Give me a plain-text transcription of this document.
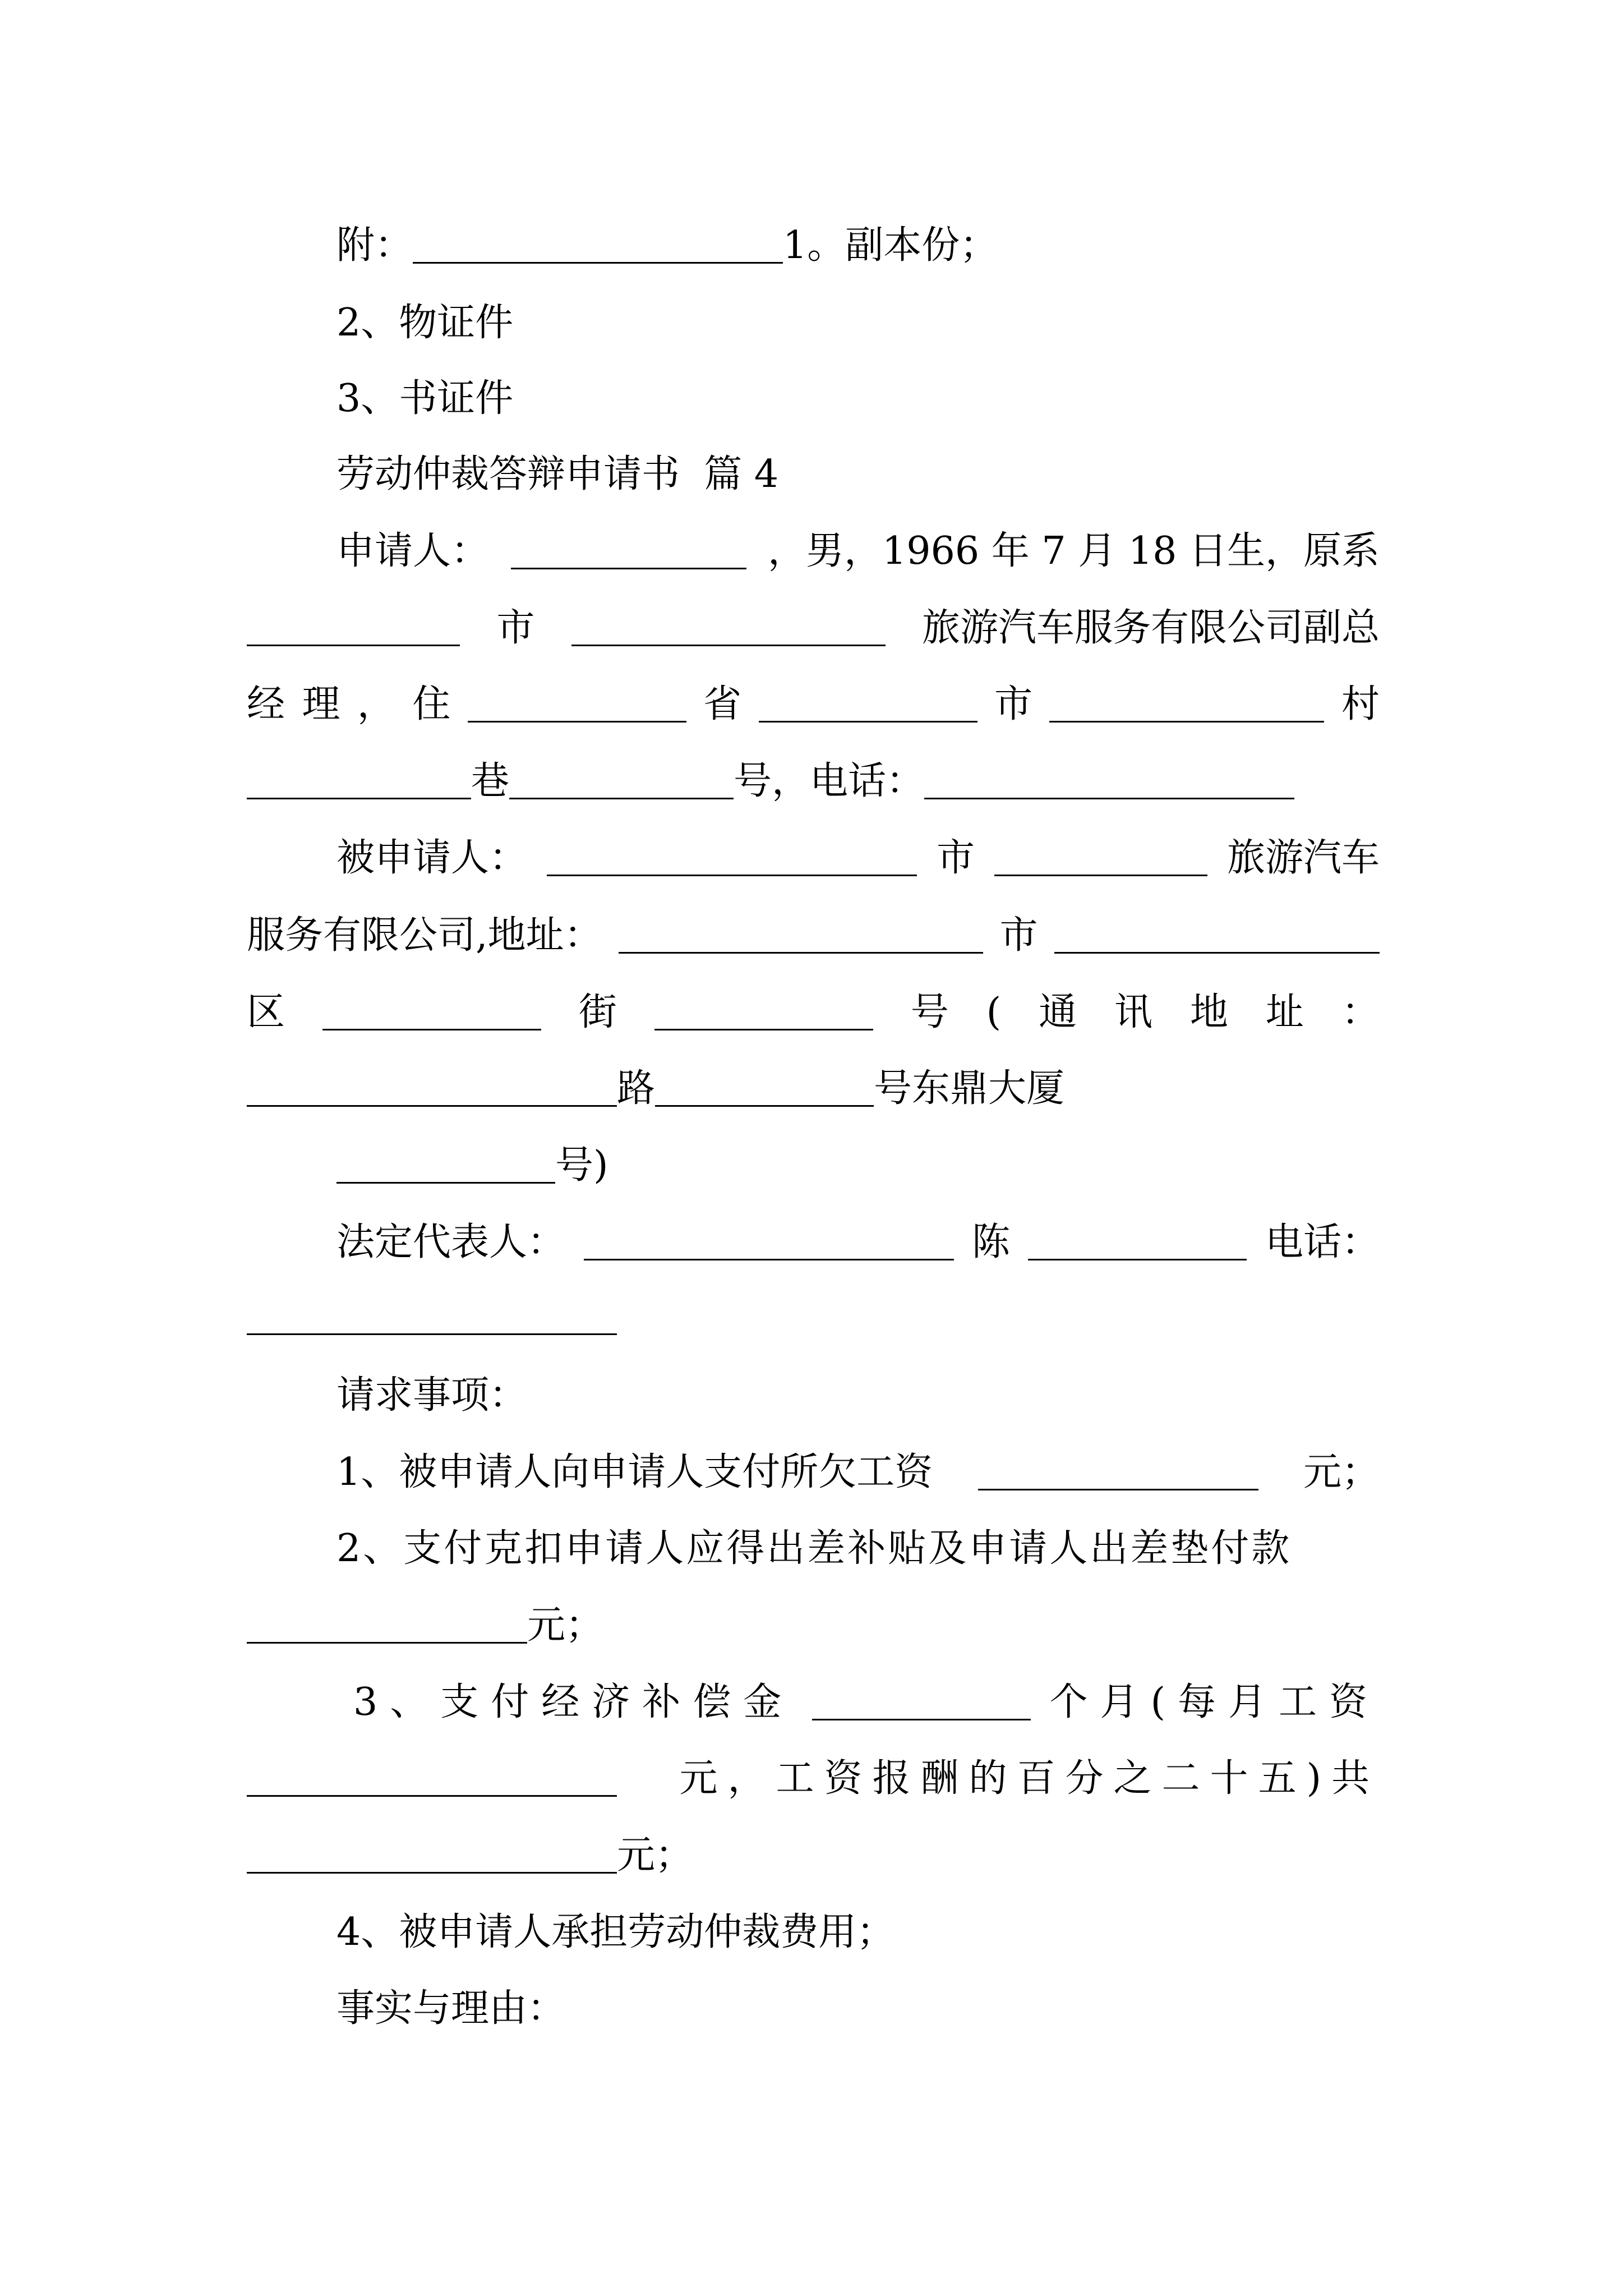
附：	1。副本份；
2、物证件
3、书证件
劳动仲裁答辩申请书  篇 4
申请人：	，男，1966 年 7 月 18 日生，原系
市	旅游汽车服务有限公司副总
经 理 ， 住	省	市	村
巷	号，电话：
被申请人：	市	旅游汽车
服务有限公司,地址：	市
区	街	号 ( 通 讯 地 址 ：
路	号东鼎大厦
号)
法定代表人：	陈	电话：
请求事项：
1、被申请人向申请人支付所欠工资	元；
2、支付克扣申请人应得出差补贴及申请人出差垫付款
元；
3、支付经济补偿金	个月(每月工资
元，工资报酬的百分之二十五)共
元；
4、被申请人承担劳动仲裁费用；
事实与理由：
